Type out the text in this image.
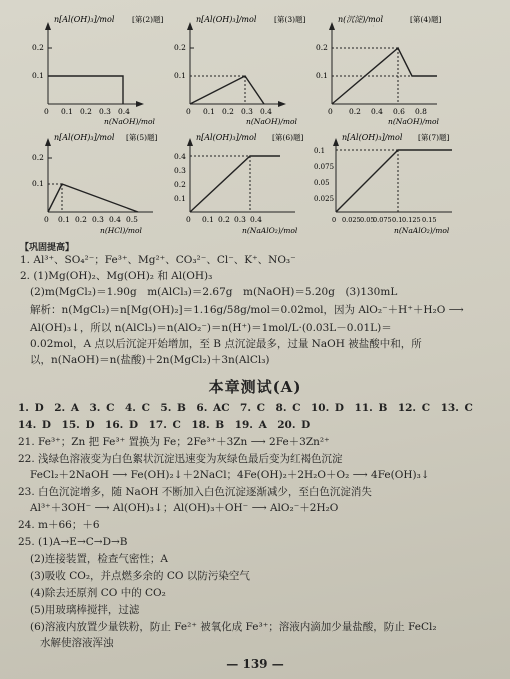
·
n[Al(OH)₃]/mol [第(2)题]
0.2
0.1
0 0.1 0.2 0.3 0.4
n(NaOH)/mol
n[Al(OH)₃]/mol [第(3)题]
0.2
0.1
0 0.1 0.2 0.3 0.4
n(NaOH)/mol
n(沉淀)/mol	[第(4)题]
0.2
0.1
0 0.2 0.4 0.6 0.8
n(NaOH)/mol
n[Al(OH)₃]/mol [第(5)题]
0.2
0.1
0 0.1 0.2 0.3 0.4 0.5
n(HCl)/mol
n[Al(OH)₃]/mol [第(6)题]
0.4
0.3
0.2
0.1
0 0.1 0.2 0.3 0.4
n(NaAlO₂)/mol
n[Al(OH)₃]/mol [第(7)题]
0.1
0.075
0.05
0.025
0 0.025 0.05
0.075 0.1 0.125 0.15
n(NaAlO₂)/mol
【巩固提高】
1. Al³⁺、SO₄²⁻；Fe³⁺、Mg²⁺、CO₃²⁻、Cl⁻、K⁺、NO₃⁻
2. (1)Mg(OH)₂、Mg(OH)₂ 和 Al(OH)₃
(2)m(MgCl₂)＝1.90g　m(AlCl₃)＝2.67g　m(NaOH)＝5.20g　(3)130mL
解析：n(MgCl₂)＝n[Mg(OH)₂]＝1.16g/58g/mol＝0.02mol，因为 AlO₂⁻＋H⁺＋H₂O ⟶
Al(OH)₃↓，所以 n(AlCl₃)＝n(AlO₂⁻)＝n(H⁺)＝1mol/L·(0.03L－0.01L)＝
0.02mol，A 点以后沉淀开始增加，至 B 点沉淀最多，过量 NaOH 被盐酸中和，所
以，n(NaOH)＝n(盐酸)＋2n(MgCl₂)＋3n(AlCl₃)
本章测试(A)
1. D　2. A　3. C　4. C　5. B　6. AC　7. C　8. C　10. D　11. B　12. C　13. C
14. D　15. D　16. D　17. C　18. B　19. A　20. D
21. Fe³⁺；Zn 把 Fe³⁺ 置换为 Fe；2Fe³⁺＋3Zn ⟶ 2Fe＋3Zn²⁺
22. 浅绿色溶液变为白色絮状沉淀迅速变为灰绿色最后变为红褐色沉淀
FeCl₂＋2NaOH ⟶ Fe(OH)₂↓＋2NaCl；4Fe(OH)₂＋2H₂O＋O₂ ⟶ 4Fe(OH)₃↓
23. 白色沉淀增多，随 NaOH 不断加入白色沉淀逐渐减少，至白色沉淀消失
Al³⁺＋3OH⁻ ⟶ Al(OH)₃↓；Al(OH)₃＋OH⁻ ⟶ AlO₂⁻＋2H₂O
24. m＋66；＋6
25. (1)A→E→C→D→B
(2)连接装置，检查气密性；A
(3)吸收 CO₂，并点燃多余的 CO 以防污染空气
(4)除去还原剂 CO 中的 CO₂
(5)用玻璃棒搅拌，过滤
(6)溶液内放置少量铁粉，防止 Fe²⁺ 被氧化成 Fe³⁺；溶液内滴加少量盐酸，防止 FeCl₂
水解使溶液浑浊
— 139 —
